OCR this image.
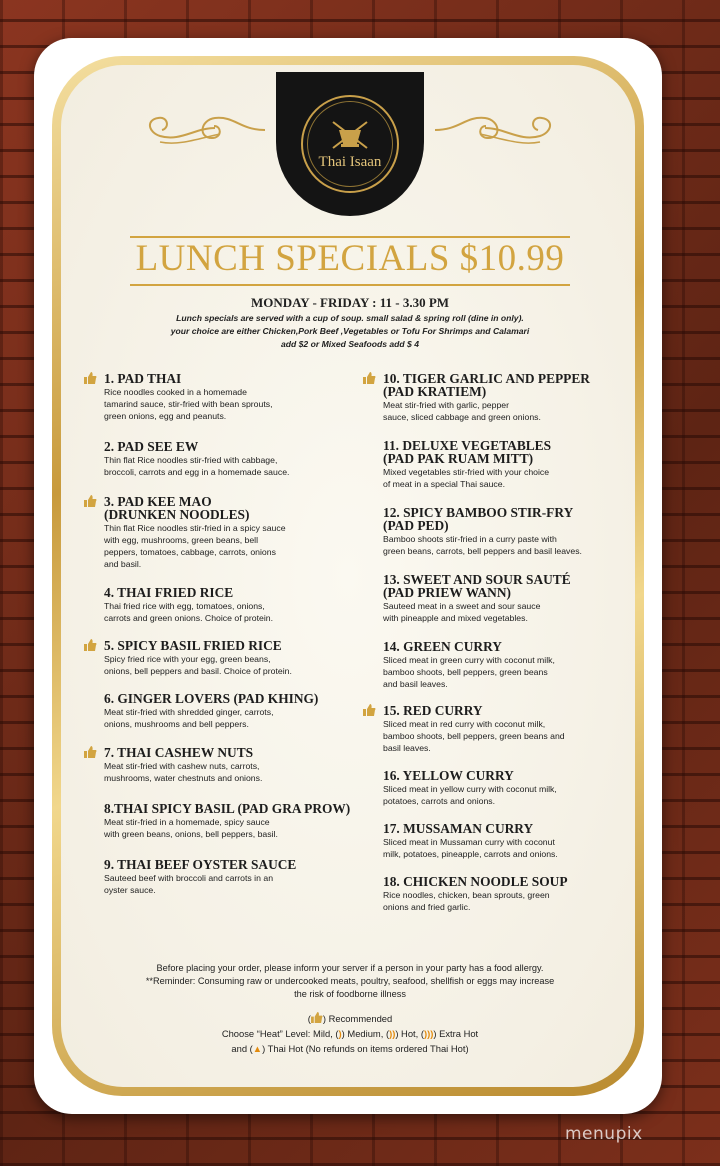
Thai Isaan
LUNCH SPECIALS $10.99
MONDAY - FRIDAY : 11 - 3.30 PM
Lunch specials are served with a cup of soup. small salad & spring roll (dine in only).
your choice are either Chicken,Pork Beef ,Vegetables or Tofu For Shrimps and Calamari
add $2 or Mixed Seafoods add $ 4
1. PAD THAI
Rice noodles cooked in a homemade
tamarind sauce, stir-fried with bean sprouts,
green onions, egg and peanuts.
2. PAD SEE EW
Thin flat Rice noodles stir-fried with cabbage,
broccoli, carrots and egg in a homemade sauce.
3. PAD KEE MAO
(DRUNKEN NOODLES)
Thin flat Rice noodles stir-fried in a spicy sauce
with egg, mushrooms, green beans, bell
peppers, tomatoes, cabbage, carrots, onions
and basil.
4. THAI FRIED RICE
Thai fried rice with egg, tomatoes, onions,
carrots and green onions. Choice of protein.
5. SPICY BASIL FRIED RICE
Spicy fried rice with your egg, green beans,
onions, bell peppers and basil. Choice of protein.
6. GINGER LOVERS (PAD KHING)
Meat stir-fried with shredded ginger, carrots,
onions, mushrooms and bell peppers.
7. THAI CASHEW NUTS
Meat stir-fried with cashew nuts, carrots,
mushrooms, water chestnuts and onions.
8.THAI SPICY BASIL (PAD GRA PROW)
Meat stir-fried in a homemade, spicy sauce
with green beans, onions, bell peppers, basil.
9. THAI BEEF OYSTER SAUCE
Sauteed beef with broccoli and carrots in an
oyster sauce.
10. TIGER GARLIC AND PEPPER
(PAD KRATIEM)
Meat stir-fried with garlic, pepper
sauce, sliced cabbage and green onions.
11. DELUXE VEGETABLES
(PAD PAK RUAM MITT)
Mixed vegetables stir-fried with your choice
of meat in a special Thai sauce.
12. SPICY BAMBOO STIR-FRY
(PAD PED)
Bamboo shoots stir-fried in a curry paste with
green beans, carrots, bell peppers and basil leaves.
13. SWEET AND SOUR SAUTÉ
(PAD PRIEW WANN)
Sauteed meat in a sweet and sour sauce
with pineapple and mixed vegetables.
14. GREEN CURRY
Sliced meat in green curry with coconut milk,
bamboo shoots, bell peppers, green beans
and basil leaves.
15. RED CURRY
Sliced meat in red curry with coconut milk,
bamboo shoots, bell peppers, green beans and
basil leaves.
16. YELLOW CURRY
Sliced meat in yellow curry with coconut milk,
potatoes, carrots and onions.
17. MUSSAMAN CURRY
Sliced meat in Mussaman curry with coconut
milk, potatoes, pineapple, carrots and onions.
18. CHICKEN NOODLE SOUP
Rice noodles, chicken, bean sprouts, green
onions and fried garlic.
Before placing your order, please inform your server if a person in your party has a food allergy.
**Reminder: Consuming raw or undercooked meats, poultry, seafood, shellfish or eggs may increase
the risk of foodborne illness
( ) Recommended
Choose “Heat” Level: Mild, ()) Medium, ())) Hot, ()))) Extra Hot
and (▲) Thai Hot (No refunds on items ordered Thai Hot)
menupix
